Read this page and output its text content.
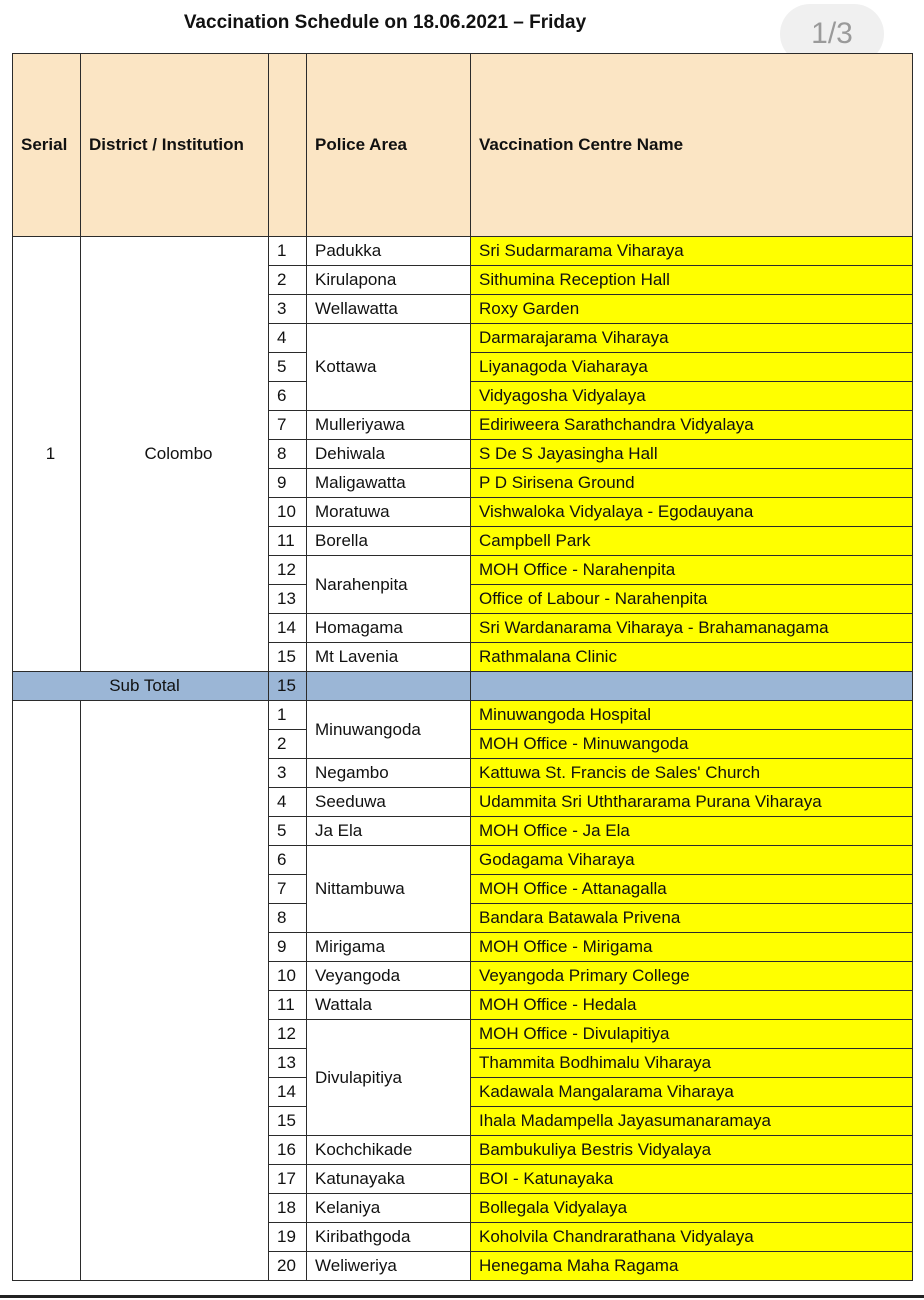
Vaccination Schedule on 18.06.2021 – Friday	1/3
Serial	District / Institution		Police Area	Vaccination Centre Name
1	Colombo	1	Padukka	Sri Sudarmarama Viharaya
		2	Kirulapona	Sithumina Reception Hall
		3	Wellawatta	Roxy Garden
		4	Kottawa	Darmarajarama Viharaya
		5		Liyanagoda Viaharaya
		6		Vidyagosha Vidyalaya
		7	Mulleriyawa	Ediriweera Sarathchandra Vidyalaya
		8	Dehiwala	S De S Jayasingha Hall
		9	Maligawatta	P D Sirisena Ground
		10	Moratuwa	Vishwaloka Vidyalaya - Egodauyana
		11	Borella	Campbell Park
		12	Narahenpita	MOH Office - Narahenpita
		13		Office of Labour - Narahenpita
		14	Homagama	Sri Wardanarama Viharaya - Brahamanagama
		15	Mt Lavenia	Rathmalana Clinic
Sub Total		15		
		1	Minuwangoda	Minuwangoda Hospital
		2		MOH Office - Minuwangoda
		3	Negambo	Kattuwa St. Francis de Sales' Church
		4	Seeduwa	Udammita Sri Uththararama Purana Viharaya
		5	Ja Ela	MOH Office - Ja Ela
		6	Nittambuwa	Godagama Viharaya
		7		MOH Office - Attanagalla
		8		Bandara Batawala Privena
		9	Mirigama	MOH Office - Mirigama
		10	Veyangoda	Veyangoda Primary College
		11	Wattala	MOH Office - Hedala
		12	Divulapitiya	MOH Office - Divulapitiya
		13		Thammita Bodhimalu Viharaya
		14		Kadawala Mangalarama Viharaya
		15		Ihala Madampella Jayasumanaramaya
		16	Kochchikade	Bambukuliya Bestris Vidyalaya
		17	Katunayaka	BOI - Katunayaka
		18	Kelaniya	Bollegala Vidyalaya
		19	Kiribathgoda	Koholvila Chandrarathana Vidyalaya
		20	Weliweriya	Henegama Maha Ragama
